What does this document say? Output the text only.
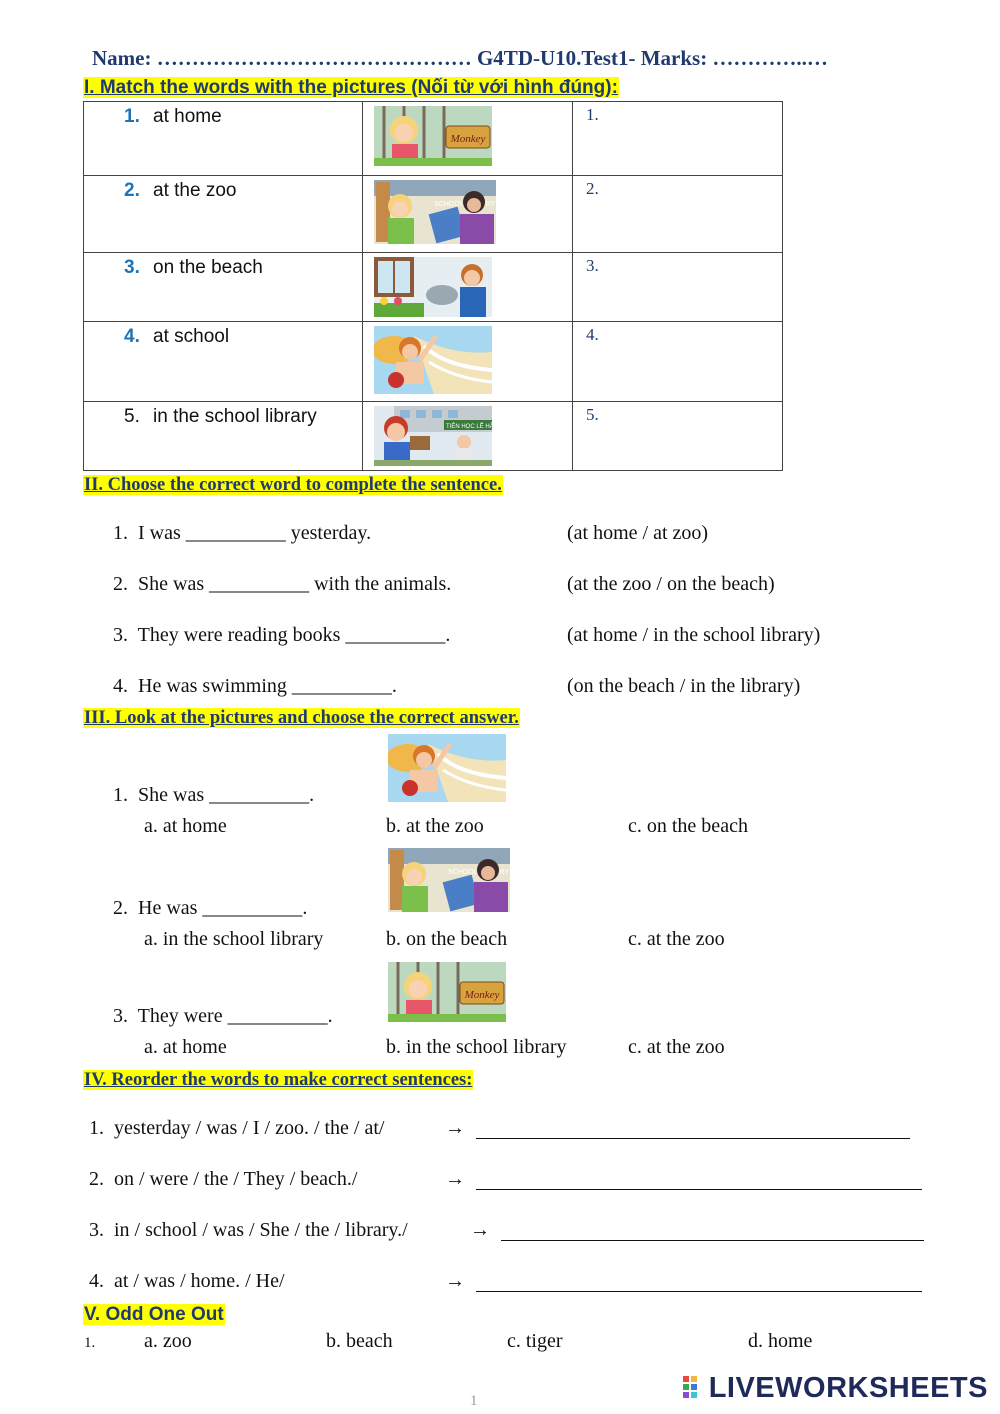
Name: ……………………………………… G4TD-U10.Test1- Marks: …………..…
I. Match the words with the pictures (Nối từ với hình đúng):
1. at home		1.

2. at the zoo		2.

3. on the beach		3.

4. at school		4.

5. in the school library		5.
II. Choose the correct word to complete the sentence.
1. I was __________ yesterday.	(at home / at zoo)
2. She was __________ with the animals.	(at the zoo / on the beach)
3. They were reading books __________.	(at home / in the school library)
4. He was swimming __________.	(on the beach / in the library)
III. Look at the pictures and choose the correct answer.
1. She was __________.
a. at home	b. at the zoo	c. on the beach
2. He was __________.
a. in the school library	b. on the beach	c. at the zoo
3. They were __________.
a. at home	b. in the school library	c. at the zoo
IV. Reorder the words to make correct sentences:
1. yesterday / was / I / zoo. / the / at/	→
2. on / were / the / They / beach./	→
3. in / school / was / She / the / library./	→
4. at / was / home. / He/	→
V. Odd One Out
1. a. zoo	b. beach	c. tiger	d. home
1	LIVEWORKSHEETS
